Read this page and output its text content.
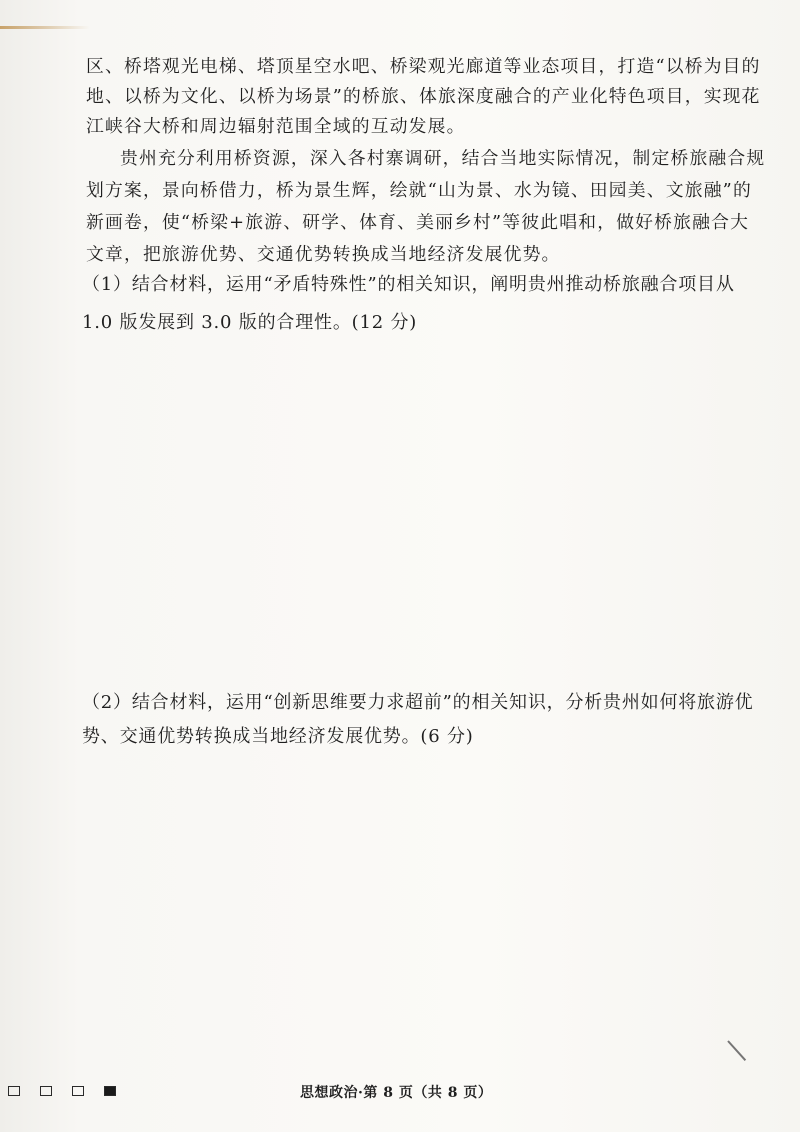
区、桥塔观光电梯、塔顶星空水吧、桥梁观光廊道等业态项目，打造“以桥为目的
地、以桥为文化、以桥为场景”的桥旅、体旅深度融合的产业化特色项目，实现花
江峡谷大桥和周边辐射范围全域的互动发展。
贵州充分利用桥资源，深入各村寨调研，结合当地实际情况，制定桥旅融合规
划方案，景向桥借力，桥为景生辉，绘就“山为景、水为镜、田园美、文旅融”的
新画卷，使“桥梁+旅游、研学、体育、美丽乡村”等彼此唱和，做好桥旅融合大
文章，把旅游优势、交通优势转换成当地经济发展优势。
（1）结合材料，运用“矛盾特殊性”的相关知识，阐明贵州推动桥旅融合项目从
1.0 版发展到 3.0 版的合理性。(12 分)
（2）结合材料，运用“创新思维要力求超前”的相关知识，分析贵州如何将旅游优
势、交通优势转换成当地经济发展优势。(6 分)
思想政治·第 8 页（共 8 页）
